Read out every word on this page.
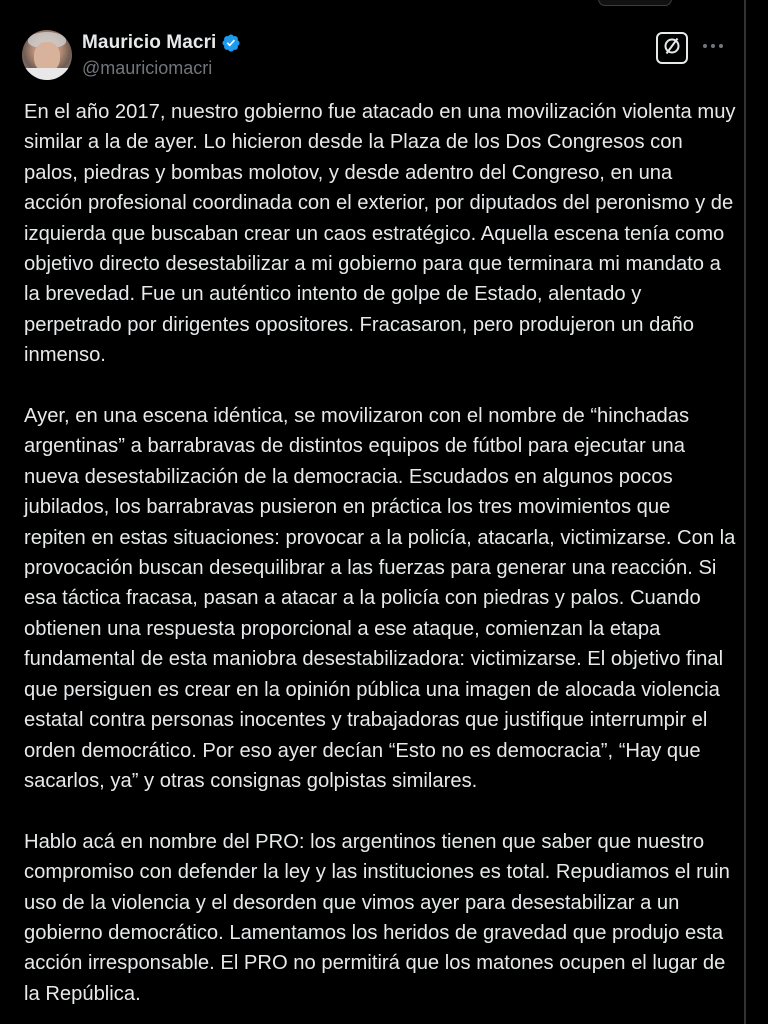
Mauricio Macri
@mauriciomacri

En el año 2017, nuestro gobierno fue atacado en una movilización violenta muy similar a la de ayer. Lo hicieron desde la Plaza de los Dos Congresos con palos, piedras y bombas molotov, y desde adentro del Congreso, en una acción profesional coordinada con el exterior, por diputados del peronismo y de izquierda que buscaban crear un caos estratégico. Aquella escena tenía como objetivo directo desestabilizar a mi gobierno para que terminara mi mandato a la brevedad. Fue un auténtico intento de golpe de Estado, alentado y perpetrado por dirigentes opositores. Fracasaron, pero produjeron un daño inmenso.

Ayer, en una escena idéntica, se movilizaron con el nombre de “hinchadas argentinas” a barrabravas de distintos equipos de fútbol para ejecutar una nueva desestabilización de la democracia. Escudados en algunos pocos jubilados, los barrabravas pusieron en práctica los tres movimientos que repiten en estas situaciones: provocar a la policía, atacarla, victimizarse. Con la provocación buscan desequilibrar a las fuerzas para generar una reacción. Si esa táctica fracasa, pasan a atacar a la policía con piedras y palos. Cuando obtienen una respuesta proporcional a ese ataque, comienzan la etapa fundamental de esta maniobra desestabilizadora: victimizarse. El objetivo final que persiguen es crear en la opinión pública una imagen de alocada violencia estatal contra personas inocentes y trabajadoras que justifique interrumpir el orden democrático. Por eso ayer decían “Esto no es democracia”, “Hay que sacarlos, ya” y otras consignas golpistas similares.

Hablo acá en nombre del PRO: los argentinos tienen que saber que nuestro compromiso con defender la ley y las instituciones es total. Repudiamos el ruin uso de la violencia y el desorden que vimos ayer para desestabilizar a un gobierno democrático. Lamentamos los heridos de gravedad que produjo esta acción irresponsable. El PRO no permitirá que los matones ocupen el lugar de la República.
